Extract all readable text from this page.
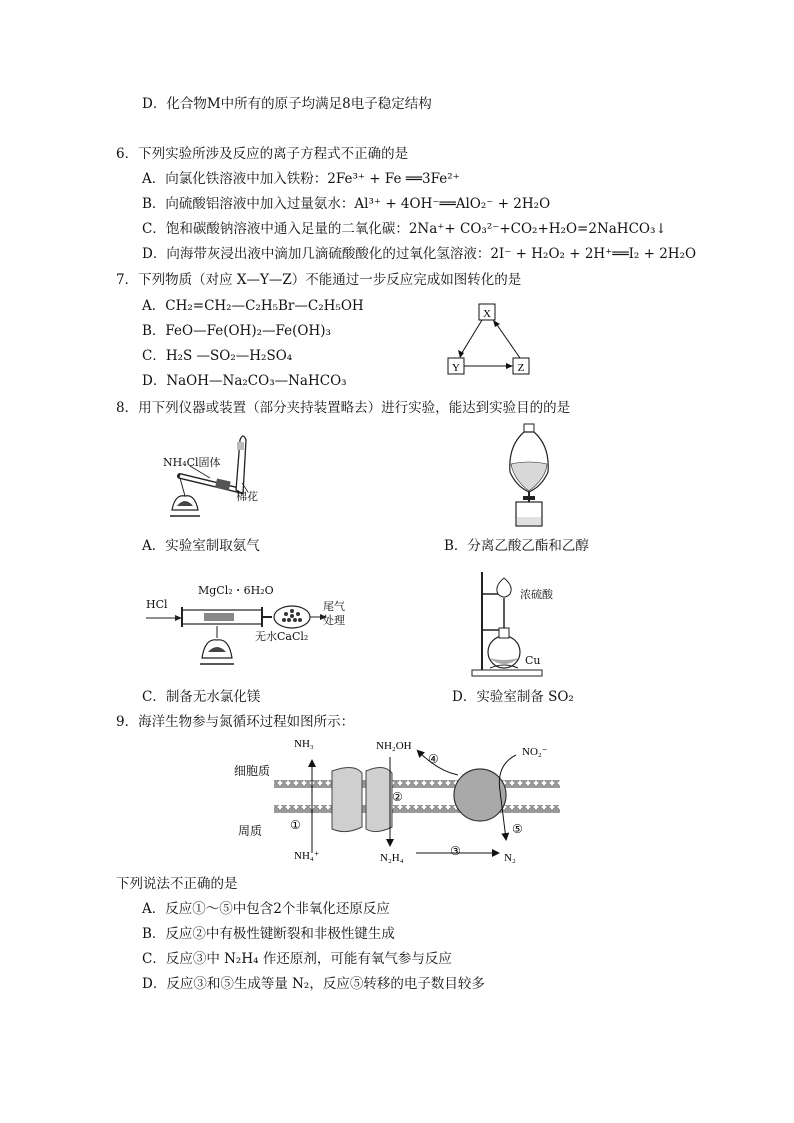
D．化合物M中所有的原子均满足8电子稳定结构
6．下列实验所涉及反应的离子方程式不正确的是
A．向氯化铁溶液中加入铁粉：2Fe³⁺ + Fe ══3Fe²⁺
B．向硫酸铝溶液中加入过量氨水：Al³⁺ + 4OH⁻══AlO₂⁻ + 2H₂O
C．饱和碳酸钠溶液中通入足量的二氧化碳：2Na⁺+ CO₃²⁻+CO₂+H₂O=2NaHCO₃↓
D．向海带灰浸出液中滴加几滴硫酸酸化的过氧化氢溶液：2I⁻ + H₂O₂ + 2H⁺══I₂ + 2H₂O
7．下列物质（对应 X—Y—Z）不能通过一步反应完成如图转化的是
A．CH₂=CH₂—C₂H₅Br—C₂H₅OH
B．FeO—Fe(OH)₂—Fe(OH)₃
C．H₂S —SO₂—H₂SO₄
D．NaOH—Na₂CO₃—NaHCO₃
X
Y	Z
8．用下列仪器或装置（部分夹持装置略去）进行实验，能达到实验目的的是
NH₄Cl固体
棉花
A．实验室制取氨气	B．分离乙酸乙酯和乙醇
HCl
MgCl₂・6H₂O
无水CaCl₂
尾气
处理
浓硫酸
Cu
C．制备无水氯化镁	D．实验室制备 SO₂
9．海洋生物参与氮循环过程如图所示：
NH₃
NH₄⁺
NH₂OH
N₂H₄	N₂
NO₂⁻
细胞质
周质 ①
②
③
④
⑤
下列说法不正确的是
A．反应①～⑤中包含2个非氧化还原反应
B．反应②中有极性键断裂和非极性键生成
C．反应③中 N₂H₄ 作还原剂，可能有氧气参与反应
D．反应③和⑤生成等量 N₂，反应⑤转移的电子数目较多
